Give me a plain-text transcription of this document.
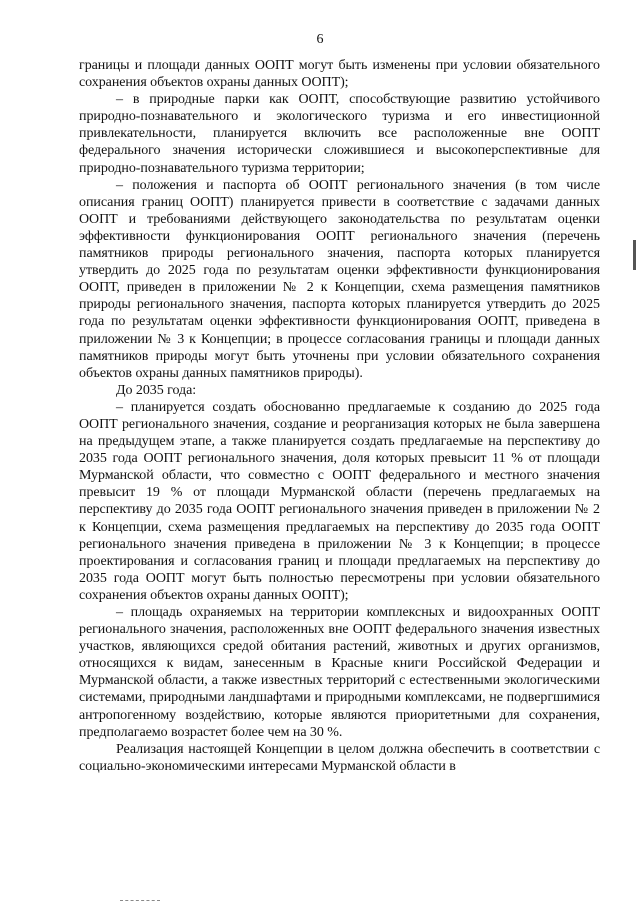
6

границы и площади данных ООПТ могут быть изменены при условии обязательного сохранения объектов охраны данных ООПТ);

– в природные парки как ООПТ, способствующие развитию устойчивого природно-познавательного и экологического туризма и его инвестиционной привлекательности, планируется включить все расположенные вне ООПТ федерального значения исторически сложившиеся и высокоперспективные для природно-познавательного туризма территории;

– положения и паспорта об ООПТ регионального значения (в том числе описания границ ООПТ) планируется привести в соответствие с задачами данных ООПТ и требованиями действующего законодательства по результатам оценки эффективности функционирования ООПТ регионального значения (перечень памятников природы регионального значения, паспорта которых планируется утвердить до 2025 года по результатам оценки эффективности функционирования ООПТ, приведен в приложении № 2 к Концепции, схема размещения памятников природы регионального значения, паспорта которых планируется утвердить до 2025 года по результатам оценки эффективности функционирования ООПТ, приведена в приложении № 3 к Концепции; в процессе согласования границы и площади данных памятников природы могут быть уточнены при условии обязательного сохранения объектов охраны данных памятников природы).

До 2035 года:

– планируется создать обоснованно предлагаемые к созданию до 2025 года ООПТ регионального значения, создание и реорганизация которых не была завершена на предыдущем этапе, а также планируется создать предлагаемые на перспективу до 2035 года ООПТ регионального значения, доля которых превысит 11 % от площади Мурманской области, что совместно с ООПТ федерального и местного значения превысит 19 % от площади Мурманской области (перечень предлагаемых на перспективу до 2035 года ООПТ регионального значения приведен в приложении № 2 к Концепции, схема размещения предлагаемых на перспективу до 2035 года ООПТ регионального значения приведена в приложении № 3 к Концепции; в процессе проектирования и согласования границ и площади предлагаемых на перспективу до 2035 года ООПТ могут быть полностью пересмотрены при условии обязательного сохранения объектов охраны данных ООПТ);

– площадь охраняемых на территории комплексных и видоохранных ООПТ регионального значения, расположенных вне ООПТ федерального значения известных участков, являющихся средой обитания растений, животных и других организмов, относящихся к видам, занесенным в Красные книги Российской Федерации и Мурманской области, а также известных территорий с естественными экологическими системами, природными ландшафтами и природными комплексами, не подвергшимися антропогенному воздействию, которые являются приоритетными для сохранения, предполагаемо возрастет более чем на 30 %.

Реализация настоящей Концепции в целом должна обеспечить в соответствии с социально-экономическими интересами Мурманской области в
